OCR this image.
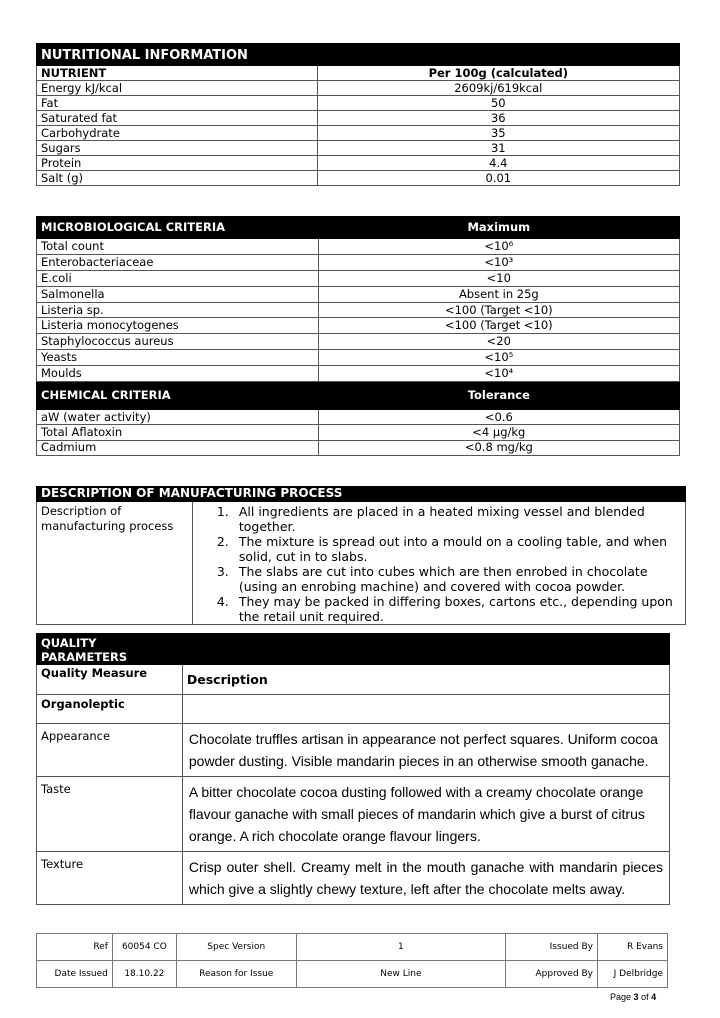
NUTRITIONAL INFORMATION	
NUTRIENT	Per 100g (calculated)
Energy kJ/kcal	2609kj/619kcal
Fat	50
Saturated fat	36
Carbohydrate	35
Sugars	31
Protein	4.4
Salt (g)	0.01
MICROBIOLOGICAL CRITERIA	Maximum
Total count	<10⁶
Enterobacteriaceae	<10³
E.coli	<10
Salmonella	Absent in 25g
Listeria sp.	<100 (Target <10)
Listeria monocytogenes	<100 (Target <10)
Staphylococcus aureus	<20
Yeasts	<10⁵
Moulds	<10⁴
CHEMICAL CRITERIA	Tolerance
aW (water activity)	<0.6
Total Aflatoxin	<4 µg/kg
Cadmium	<0.8 mg/kg
DESCRIPTION OF MANUFACTURING PROCESS
Description of manufacturing process	
1. All ingredients are placed in a heated mixing vessel and blended together.
2. The mixture is spread out into a mould on a cooling table, and when solid, cut in to slabs.
3. The slabs are cut into cubes which are then enrobed in chocolate (using an enrobing machine) and covered with cocoa powder.
4. They may be packed in differing boxes, cartons etc., depending upon the retail unit required.
QUALITY PARAMETERS	
Quality Measure	Description
Organoleptic	
Appearance	Chocolate truffles artisan in appearance not perfect squares. Uniform cocoa powder dusting. Visible mandarin pieces in an otherwise smooth ganache.
Taste	A bitter chocolate cocoa dusting followed with a creamy chocolate orange flavour ganache with small pieces of mandarin which give a burst of citrus orange. A rich chocolate orange flavour lingers.
Texture	Crisp outer shell. Creamy melt in the mouth ganache with mandarin pieces which give a slightly chewy texture, left after the chocolate melts away.
Ref	60054 CO	Spec Version	1	Issued By	R Evans
Date Issued	18.10.22	Reason for Issue	New Line	Approved By	J Delbridge
Page 3 of 4
